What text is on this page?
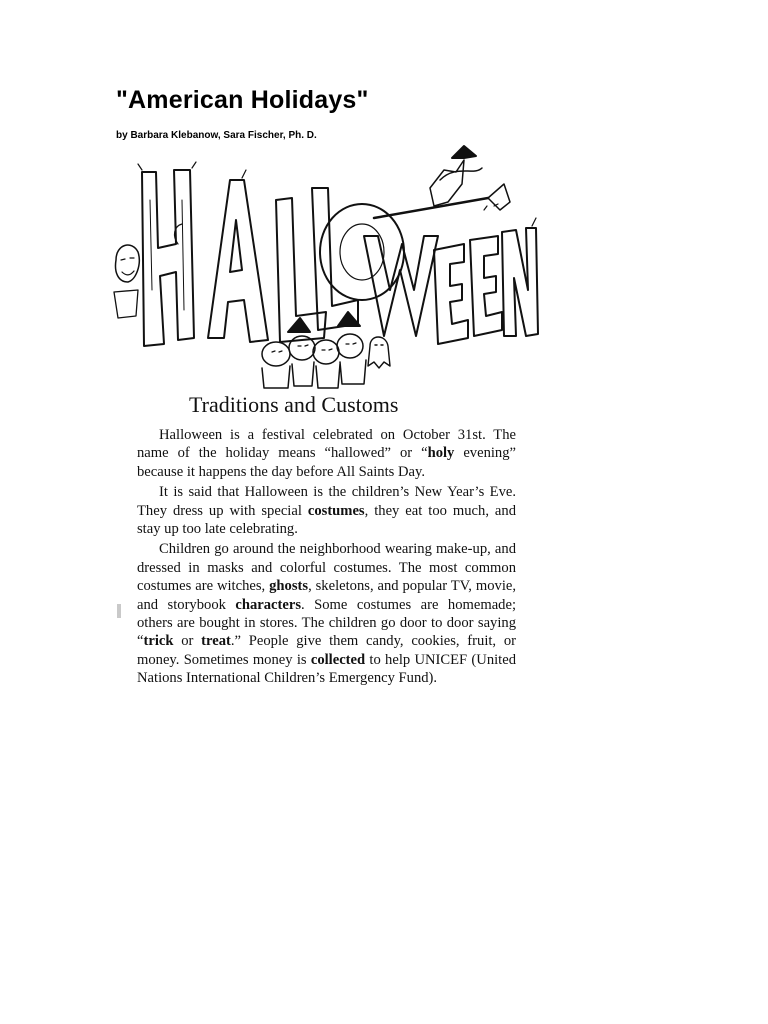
"American Holidays"
by Barbara Klebanow, Sara Fischer, Ph. D.
Traditions and Customs

Halloween is a festival celebrated on October 31st. The name of the holiday means “hallowed” or “holy evening” because it happens the day before All Saints Day.

It is said that Halloween is the children’s New Year’s Eve. They dress up with special costumes, they eat too much, and stay up too late celebrating.

Children go around the neighborhood wearing make-up, and dressed in masks and colorful costumes. The most common costumes are witches, ghosts, skeletons, and popular TV, movie, and storybook characters. Some costumes are homemade; others are bought in stores. The children go door to door saying “trick or treat.” People give them candy, cookies, fruit, or money. Sometimes money is collected to help UNICEF (United Nations International Children’s Emergency Fund).
